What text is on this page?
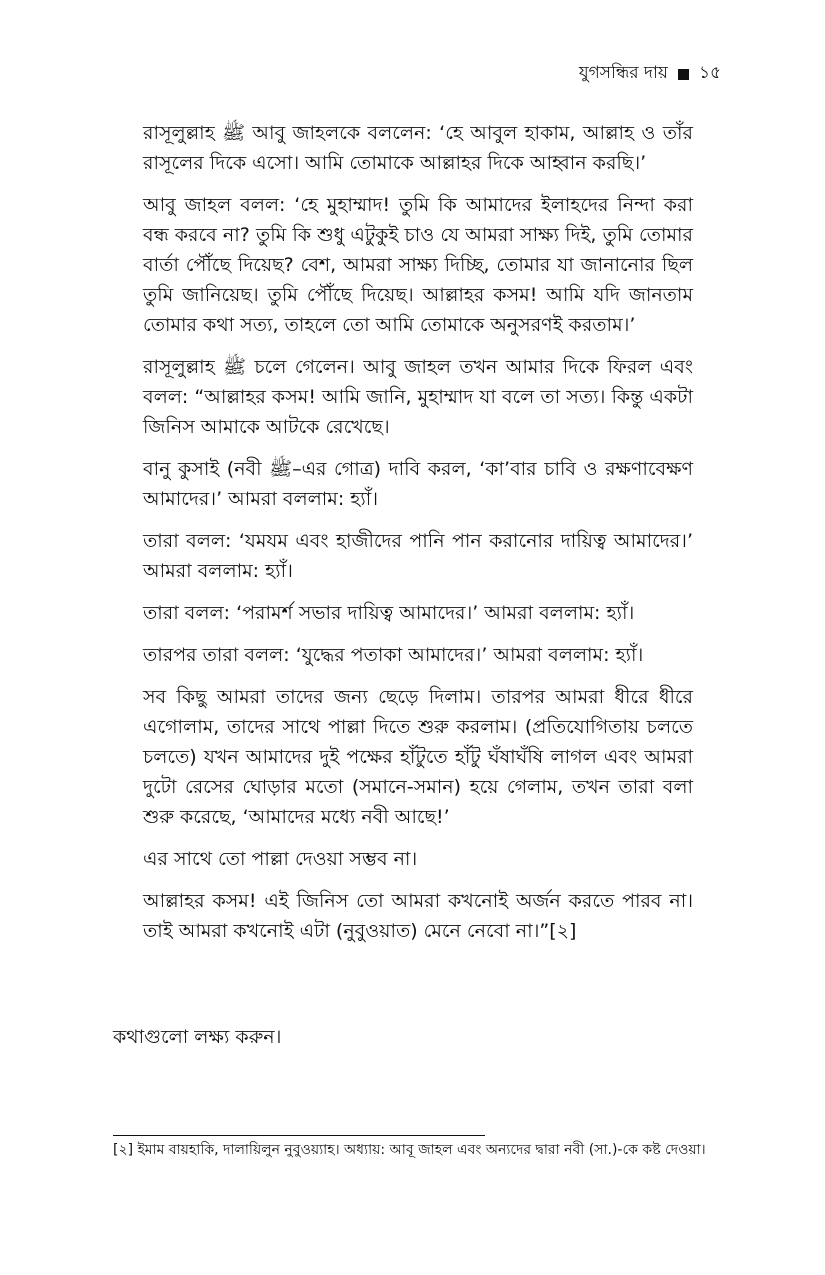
যুগসন্ধির দায় ১৫

রাসূলুল্লাহ ﷺ আবু জাহলকে বললেন: ‘হে আবুল হাকাম, আল্লাহ ও তাঁর রাসূলের দিকে এসো। আমি তোমাকে আল্লাহর দিকে আহ্বান করছি।’

আবু জাহল বলল: ‘হে মুহাম্মাদ! তুমি কি আমাদের ইলাহদের নিন্দা করা বন্ধ করবে না? তুমি কি শুধু এটুকুই চাও যে আমরা সাক্ষ্য দিই, তুমি তোমার বার্তা পৌঁছে দিয়েছ? বেশ, আমরা সাক্ষ্য দিচ্ছি, তোমার যা জানানোর ছিল তুমি জানিয়েছ। তুমি পৌঁছে দিয়েছ। আল্লাহর কসম! আমি যদি জানতাম তোমার কথা সত্য, তাহলে তো আমি তোমাকে অনুসরণই করতাম।’

রাসূলুল্লাহ ﷺ চলে গেলেন। আবু জাহল তখন আমার দিকে ফিরল এবং বলল: “আল্লাহর কসম! আমি জানি, মুহাম্মাদ যা বলে তা সত্য। কিন্তু একটা জিনিস আমাকে আটকে রেখেছে।

বানু কুসাই (নবী ﷺ–এর গোত্র) দাবি করল, ‘কা’বার চাবি ও রক্ষণাবেক্ষণ আমাদের।’ আমরা বললাম: হ্যাঁ।

তারা বলল: ‘যমযম এবং হাজীদের পানি পান করানোর দায়িত্ব আমাদের।’ আমরা বললাম: হ্যাঁ।

তারা বলল: ‘পরামর্শ সভার দায়িত্ব আমাদের।’ আমরা বললাম: হ্যাঁ।

তারপর তারা বলল: ‘যুদ্ধের পতাকা আমাদের।’ আমরা বললাম: হ্যাঁ।

সব কিছু আমরা তাদের জন্য ছেড়ে দিলাম। তারপর আমরা ধীরে ধীরে এগোলাম, তাদের সাথে পাল্লা দিতে শুরু করলাম। (প্রতিযোগিতায় চলতে চলতে) যখন আমাদের দুই পক্ষের হাঁটুতে হাঁটু ঘঁষাঘঁষি লাগল এবং আমরা দুটো রেসের ঘোড়ার মতো (সমানে-সমান) হয়ে গেলাম, তখন তারা বলা শুরু করেছে, ‘আমাদের মধ্যে নবী আছে!’

এর সাথে তো পাল্লা দেওয়া সম্ভব না।

আল্লাহর কসম! এই জিনিস তো আমরা কখনোই অর্জন করতে পারব না। তাই আমরা কখনোই এটা (নুবুওয়াত) মেনে নেবো না।”[২]

কথাগুলো লক্ষ্য করুন।
[২] ইমাম বায়হাকি, দালায়িলুন নুবুওয়্যাহ। অধ্যায়: আবূ জাহল এবং অন্যদের দ্বারা নবী (সা.)-কে কষ্ট দেওয়া।
